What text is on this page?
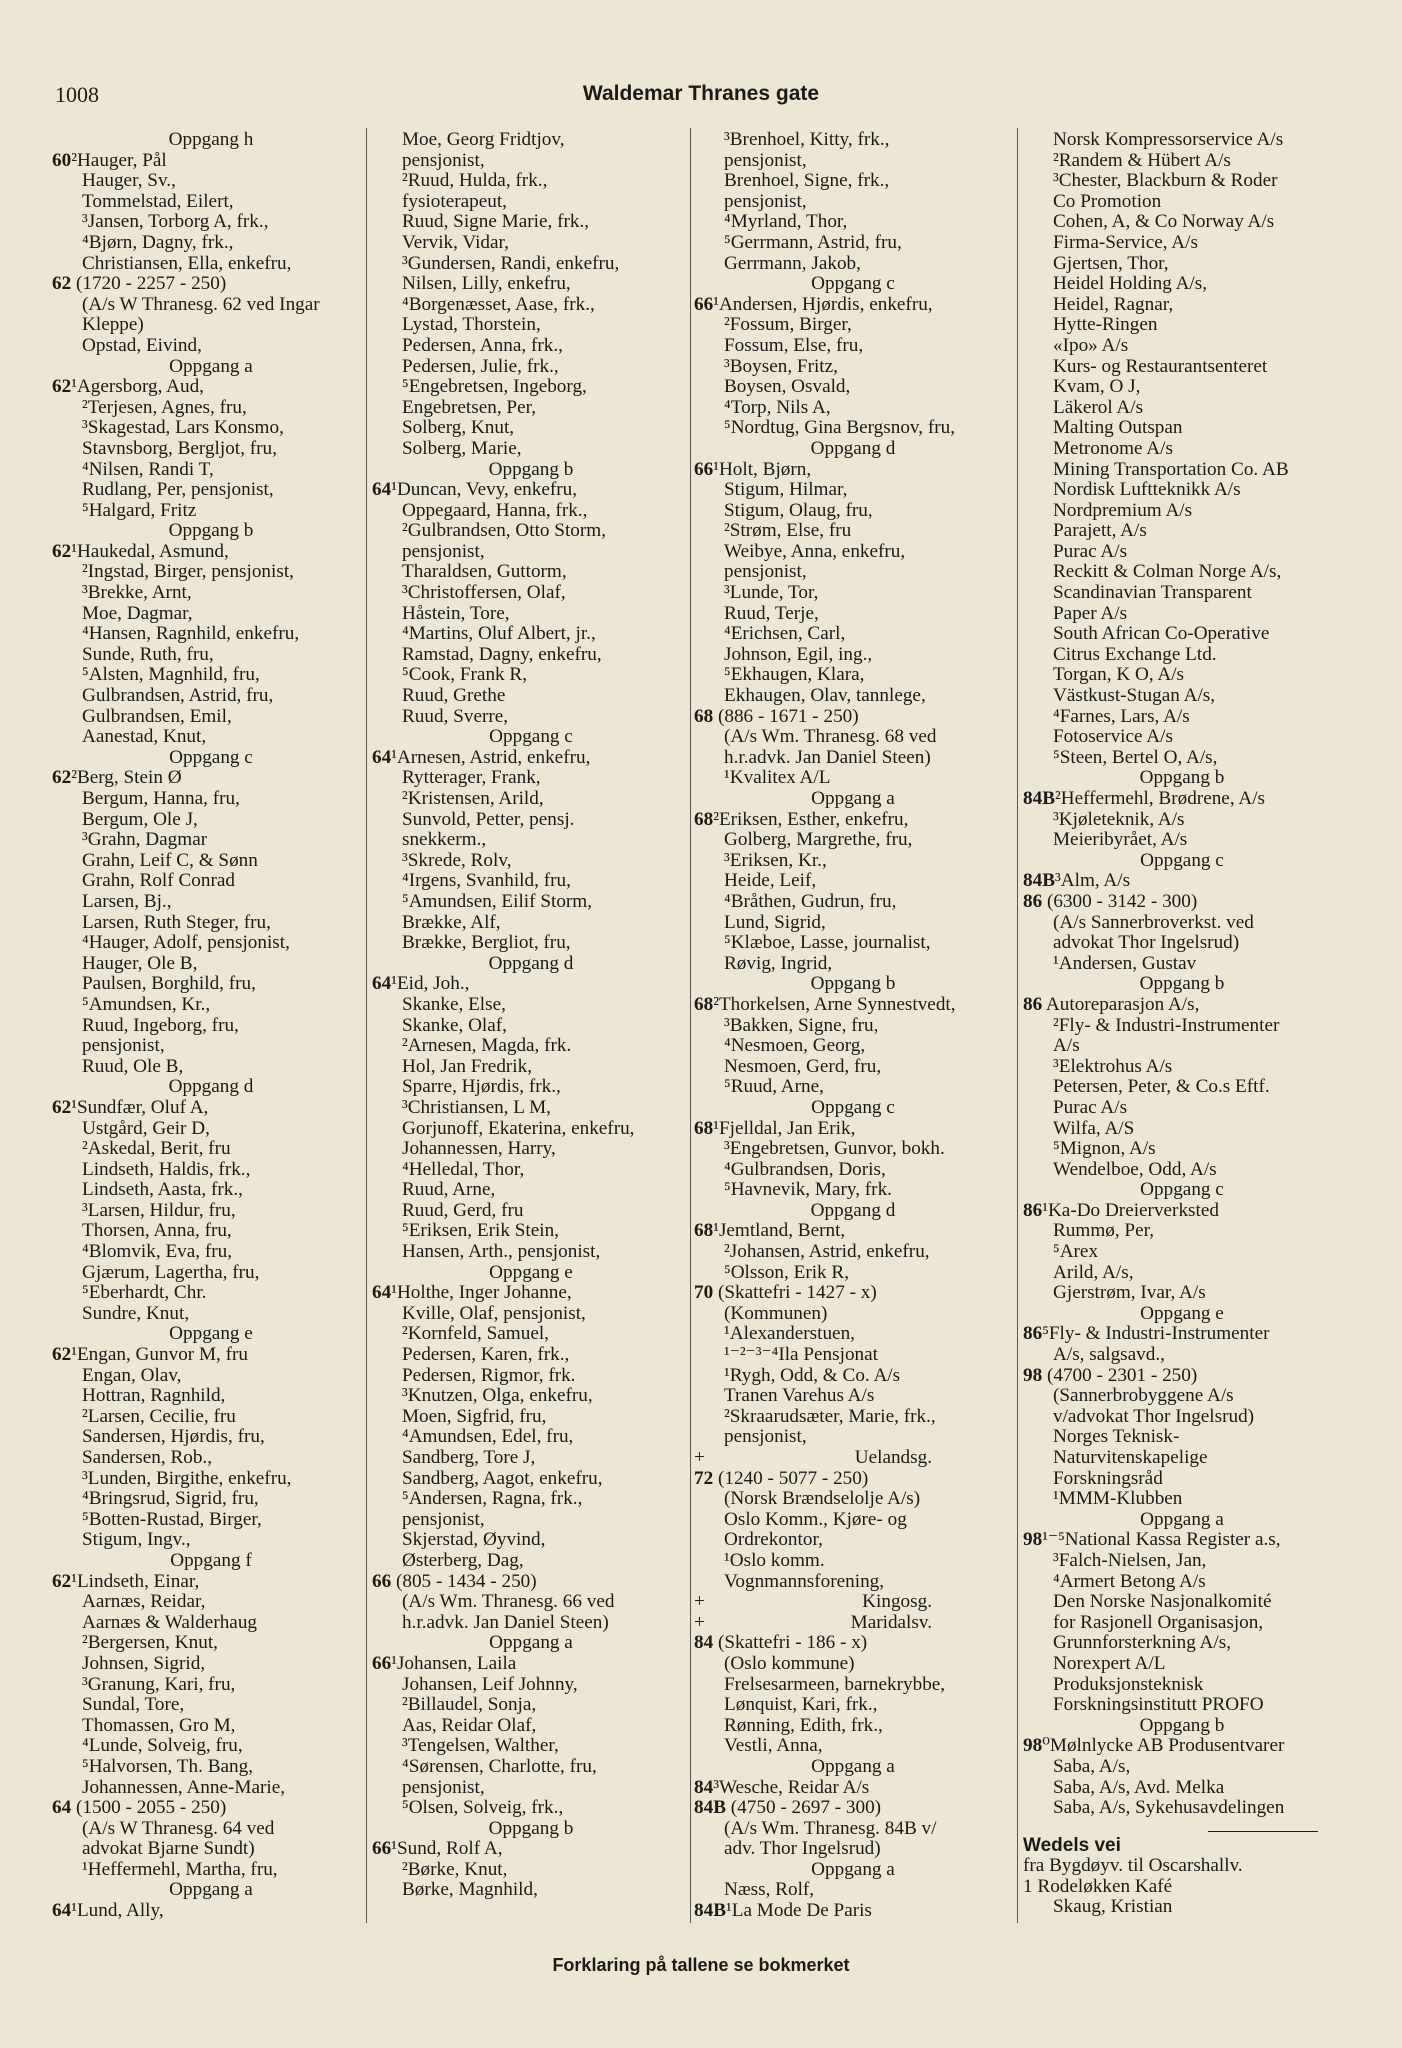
1008	Waldemar Thranes gate
Oppgang h
60²Hauger, Pål
Hauger, Sv.,
Tommelstad, Eilert,
³Jansen, Torborg A, frk.,
⁴Bjørn, Dagny, frk.,
Christiansen, Ella, enkefru,
62 (1720 - 2257 - 250)
(A/s W Thranesg. 62 ved Ingar
Kleppe)
Opstad, Eivind,
Oppgang a
62¹Agersborg, Aud,
²Terjesen, Agnes, fru,
³Skagestad, Lars Konsmo,
Stavnsborg, Bergljot, fru,
⁴Nilsen, Randi T,
Rudlang, Per, pensjonist,
⁵Halgard, Fritz
Oppgang b
62¹Haukedal, Asmund,
²Ingstad, Birger, pensjonist,
³Brekke, Arnt,
Moe, Dagmar,
⁴Hansen, Ragnhild, enkefru,
Sunde, Ruth, fru,
⁵Alsten, Magnhild, fru,
Gulbrandsen, Astrid, fru,
Gulbrandsen, Emil,
Aanestad, Knut,
Oppgang c
62²Berg, Stein Ø
Bergum, Hanna, fru,
Bergum, Ole J,
³Grahn, Dagmar
Grahn, Leif C, & Sønn
Grahn, Rolf Conrad
Larsen, Bj.,
Larsen, Ruth Steger, fru,
⁴Hauger, Adolf, pensjonist,
Hauger, Ole B,
Paulsen, Borghild, fru,
⁵Amundsen, Kr.,
Ruud, Ingeborg, fru,
pensjonist,
Ruud, Ole B,
Oppgang d
62¹Sundfær, Oluf A,
Ustgård, Geir D,
²Askedal, Berit, fru
Lindseth, Haldis, frk.,
Lindseth, Aasta, frk.,
³Larsen, Hildur, fru,
Thorsen, Anna, fru,
⁴Blomvik, Eva, fru,
Gjærum, Lagertha, fru,
⁵Eberhardt, Chr.
Sundre, Knut,
Oppgang e
62¹Engan, Gunvor M, fru
Engan, Olav,
Hottran, Ragnhild,
²Larsen, Cecilie, fru
Sandersen, Hjørdis, fru,
Sandersen, Rob.,
³Lunden, Birgithe, enkefru,
⁴Bringsrud, Sigrid, fru,
⁵Botten-Rustad, Birger,
Stigum, Ingv.,
Oppgang f
62¹Lindseth, Einar,
Aarnæs, Reidar,
Aarnæs & Walderhaug
²Bergersen, Knut,
Johnsen, Sigrid,
³Granung, Kari, fru,
Sundal, Tore,
Thomassen, Gro M,
⁴Lunde, Solveig, fru,
⁵Halvorsen, Th. Bang,
Johannessen, Anne-Marie,
64 (1500 - 2055 - 250)
(A/s W Thranesg. 64 ved
advokat Bjarne Sundt)
¹Heffermehl, Martha, fru,
Oppgang a
64¹Lund, Ally,
Moe, Georg Fridtjov,
pensjonist,
²Ruud, Hulda, frk.,
fysioterapeut,
Ruud, Signe Marie, frk.,
Vervik, Vidar,
³Gundersen, Randi, enkefru,
Nilsen, Lilly, enkefru,
⁴Borgenæsset, Aase, frk.,
Lystad, Thorstein,
Pedersen, Anna, frk.,
Pedersen, Julie, frk.,
⁵Engebretsen, Ingeborg,
Engebretsen, Per,
Solberg, Knut,
Solberg, Marie,
Oppgang b
64¹Duncan, Vevy, enkefru,
Oppegaard, Hanna, frk.,
²Gulbrandsen, Otto Storm,
pensjonist,
Tharaldsen, Guttorm,
³Christoffersen, Olaf,
Håstein, Tore,
⁴Martins, Oluf Albert, jr.,
Ramstad, Dagny, enkefru,
⁵Cook, Frank R,
Ruud, Grethe
Ruud, Sverre,
Oppgang c
64¹Arnesen, Astrid, enkefru,
Rytterager, Frank,
²Kristensen, Arild,
Sunvold, Petter, pensj.
snekkerm.,
³Skrede, Rolv,
⁴Irgens, Svanhild, fru,
⁵Amundsen, Eilif Storm,
Brække, Alf,
Brække, Bergliot, fru,
Oppgang d
64¹Eid, Joh.,
Skanke, Else,
Skanke, Olaf,
²Arnesen, Magda, frk.
Hol, Jan Fredrik,
Sparre, Hjørdis, frk.,
³Christiansen, L M,
Gorjunoff, Ekaterina, enkefru,
Johannessen, Harry,
⁴Helledal, Thor,
Ruud, Arne,
Ruud, Gerd, fru
⁵Eriksen, Erik Stein,
Hansen, Arth., pensjonist,
Oppgang e
64¹Holthe, Inger Johanne,
Kville, Olaf, pensjonist,
²Kornfeld, Samuel,
Pedersen, Karen, frk.,
Pedersen, Rigmor, frk.
³Knutzen, Olga, enkefru,
Moen, Sigfrid, fru,
⁴Amundsen, Edel, fru,
Sandberg, Tore J,
Sandberg, Aagot, enkefru,
⁵Andersen, Ragna, frk.,
pensjonist,
Skjerstad, Øyvind,
Østerberg, Dag,
66 (805 - 1434 - 250)
(A/s Wm. Thranesg. 66 ved
h.r.advk. Jan Daniel Steen)
Oppgang a
66¹Johansen, Laila
Johansen, Leif Johnny,
²Billaudel, Sonja,
Aas, Reidar Olaf,
³Tengelsen, Walther,
⁴Sørensen, Charlotte, fru,
pensjonist,
⁵Olsen, Solveig, frk.,
Oppgang b
66¹Sund, Rolf A,
²Børke, Knut,
Børke, Magnhild,
³Brenhoel, Kitty, frk.,
pensjonist,
Brenhoel, Signe, frk.,
pensjonist,
⁴Myrland, Thor,
⁵Gerrmann, Astrid, fru,
Gerrmann, Jakob,
Oppgang c
66¹Andersen, Hjørdis, enkefru,
²Fossum, Birger,
Fossum, Else, fru,
³Boysen, Fritz,
Boysen, Osvald,
⁴Torp, Nils A,
⁵Nordtug, Gina Bergsnov, fru,
Oppgang d
66¹Holt, Bjørn,
Stigum, Hilmar,
Stigum, Olaug, fru,
²Strøm, Else, fru
Weibye, Anna, enkefru,
pensjonist,
³Lunde, Tor,
Ruud, Terje,
⁴Erichsen, Carl,
Johnson, Egil, ing.,
⁵Ekhaugen, Klara,
Ekhaugen, Olav, tannlege,
68 (886 - 1671 - 250)
(A/s Wm. Thranesg. 68 ved
h.r.advk. Jan Daniel Steen)
¹Kvalitex A/L
Oppgang a
68²Eriksen, Esther, enkefru,
Golberg, Margrethe, fru,
³Eriksen, Kr.,
Heide, Leif,
⁴Bråthen, Gudrun, fru,
Lund, Sigrid,
⁵Klæboe, Lasse, journalist,
Røvig, Ingrid,
Oppgang b
68²Thorkelsen, Arne Synnestvedt,
³Bakken, Signe, fru,
⁴Nesmoen, Georg,
Nesmoen, Gerd, fru,
⁵Ruud, Arne,
Oppgang c
68¹Fjelldal, Jan Erik,
³Engebretsen, Gunvor, bokh.
⁴Gulbrandsen, Doris,
⁵Havnevik, Mary, frk.
Oppgang d
68¹Jemtland, Bernt,
²Johansen, Astrid, enkefru,
⁵Olsson, Erik R,
70 (Skattefri - 1427 - x)
(Kommunen)
¹Alexanderstuen,
¹⁻²⁻³⁻⁴Ila Pensjonat
¹Rygh, Odd, & Co. A/s
Tranen Varehus A/s
²Skraarudsæter, Marie, frk.,
pensjonist,
+	Uelandsg.
72 (1240 - 5077 - 250)
(Norsk Brændselolje A/s)
Oslo Komm., Kjøre- og
Ordrekontor,
¹Oslo komm.
Vognmannsforening,
+	Kingosg.
+	Maridalsv.
84 (Skattefri - 186 - x)
(Oslo kommune)
Frelsesarmeen, barnekrybbe,
Lønquist, Kari, frk.,
Rønning, Edith, frk.,
Vestli, Anna,
Oppgang a
84³Wesche, Reidar A/s
84B (4750 - 2697 - 300)
(A/s Wm. Thranesg. 84B v/
adv. Thor Ingelsrud)
Oppgang a
Næss, Rolf,
84B¹La Mode De Paris
Norsk Kompressorservice A/s
²Randem & Hübert A/s
³Chester, Blackburn & Roder
Co Promotion
Cohen, A, & Co Norway A/s
Firma-Service, A/s
Gjertsen, Thor,
Heidel Holding A/s,
Heidel, Ragnar,
Hytte-Ringen
«Ipo» A/s
Kurs- og Restaurantsenteret
Kvam, O J,
Läkerol A/s
Malting Outspan
Metronome A/s
Mining Transportation Co. AB
Nordisk Luftteknikk A/s
Nordpremium A/s
Parajett, A/s
Purac A/s
Reckitt & Colman Norge A/s,
Scandinavian Transparent
Paper A/s
South African Co-Operative
Citrus Exchange Ltd.
Torgan, K O, A/s
Västkust-Stugan A/s,
⁴Farnes, Lars, A/s
Fotoservice A/s
⁵Steen, Bertel O, A/s,
Oppgang b
84B²Heffermehl, Brødrene, A/s
³Kjøleteknik, A/s
Meieribyrået, A/s
Oppgang c
84B³Alm, A/s
86 (6300 - 3142 - 300)
(A/s Sannerbroverkst. ved
advokat Thor Ingelsrud)
¹Andersen, Gustav
Oppgang b
86 Autoreparasjon A/s,
²Fly- & Industri-Instrumenter
A/s
³Elektrohus A/s
Petersen, Peter, & Co.s Eftf.
Purac A/s
Wilfa, A/S
⁵Mignon, A/s
Wendelboe, Odd, A/s
Oppgang c
86¹Ka-Do Dreierverksted
Rummø, Per,
⁵Arex
Arild, A/s,
Gjerstrøm, Ivar, A/s
Oppgang e
86⁵Fly- & Industri-Instrumenter
A/s, salgsavd.,
98 (4700 - 2301 - 250)
(Sannerbrobyggene A/s
v/advokat Thor Ingelsrud)
Norges Teknisk-
Naturvitenskapelige
Forskningsråd
¹MMM-Klubben
Oppgang a
98¹⁻⁵National Kassa Register a.s,
³Falch-Nielsen, Jan,
⁴Armert Betong A/s
Den Norske Nasjonalkomité
for Rasjonell Organisasjon,
Grunnforsterkning A/s,
Norexpert A/L
Produksjonsteknisk
Forskningsinstitutt PROFO
Oppgang b
98⁰Mølnlycke AB Produsentvarer
Saba, A/s,
Saba, A/s, Avd. Melka
Saba, A/s, Sykehusavdelingen
Wedels vei
fra Bygdøyv. til Oscarshallv.
1 Rodeløkken Kafé
Skaug, Kristian
Forklaring på tallene se bokmerket
